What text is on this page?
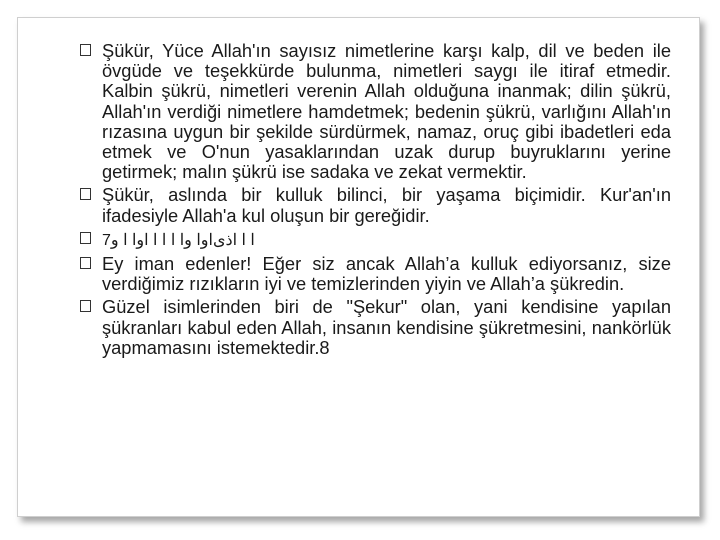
Şükür, Yüce Allah'ın sayısız nimetlerine karşı kalp, dil ve beden ile övgüde ve teşekkürde bulunma, nimetleri saygı ile itiraf etmedir. Kalbin şükrü, nimetleri verenin Allah olduğuna inanmak; dilin şükrü, Allah'ın verdiği nimetlere hamdetmek; bedenin şükrü, varlığını Allah'ın rızasına uygun bir şekilde sürdürmek, namaz, oruç gibi ibadetleri eda etmek ve O'nun yasaklarından uzak durup buyruklarını yerine getirmek; malın şükrü ise sadaka ve zekat vermektir.
Şükür, aslında bir kulluk bilinci, bir yaşama biçimidir. Kur'an'ın ifadesiyle Allah'a kul oluşun bir gereğidir.
7ا ا اذیﺍﻭا وا ا ا ا اوا ا و
Ey iman edenler! Eğer siz ancak Allah’a kulluk ediyorsanız, size verdiğimiz rızıkların iyi ve temizlerinden yiyin ve Allah’a şükredin.
Güzel isimlerinden biri de "Şekur" olan, yani kendisine yapılan şükranları kabul eden Allah, insanın kendisine şükretmesini, nankörlük yapmamasını istemektedir.8
